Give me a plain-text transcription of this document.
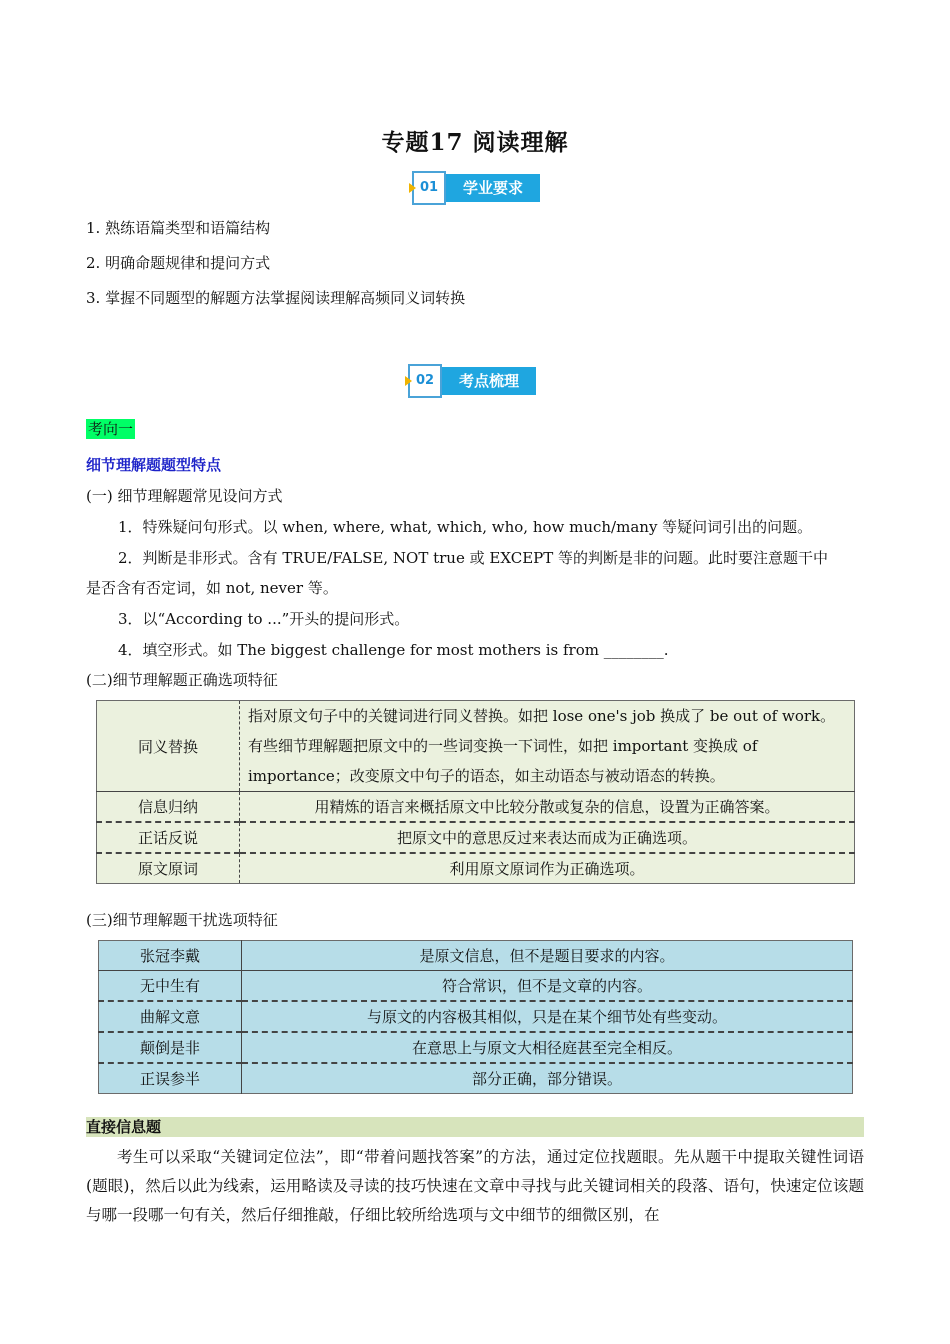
专题17 阅读理解
01	学业要求
1. 熟练语篇类型和语篇结构
2. 明确命题规律和提问方式
3. 掌握不同题型的解题方法掌握阅读理解高频同义词转换
02	考点梳理
考向一
细节理解题题型特点
(一) 细节理解题常见设问方式
1．特殊疑问句形式。以 when, where, what, which, who, how much/many 等疑问词引出的问题。
2．判断是非形式。含有 TRUE/FALSE, NOT true 或 EXCEPT 等的判断是非的问题。此时要注意题干中
是否含有否定词，如 not, never 等。
3．以“According to ...”开头的提问形式。
4．填空形式。如 The biggest challenge for most mothers is from ________.
(二)细节理解题正确选项特征
同义替换	指对原文句子中的关键词进行同义替换。如把 lose one's job 换成了 be out of work。有些细节理解题把原文中的一些词变换一下词性，如把 important 变换成 of importance；改变原文中句子的语态，如主动语态与被动语态的转换。
信息归纳	用精炼的语言来概括原文中比较分散或复杂的信息，设置为正确答案。
正话反说	把原文中的意思反过来表达而成为正确选项。
原文原词	利用原文原词作为正确选项。
(三)细节理解题干扰选项特征
张冠李戴	是原文信息，但不是题目要求的内容。
无中生有	符合常识，但不是文章的内容。
曲解文意	与原文的内容极其相似，只是在某个细节处有些变动。
颠倒是非	在意思上与原文大相径庭甚至完全相反。
正误参半	部分正确，部分错误。
直接信息题
考生可以采取“关键词定位法”，即“带着问题找答案”的方法，通过定位找题眼。先从题干中提取关键性词语(题眼)，然后以此为线索，运用略读及寻读的技巧快速在文章中寻找与此关键词相关的段落、语句，快速定位该题与哪一段哪一句有关，然后仔细推敲，仔细比较所给选项与文中细节的细微区别，在
